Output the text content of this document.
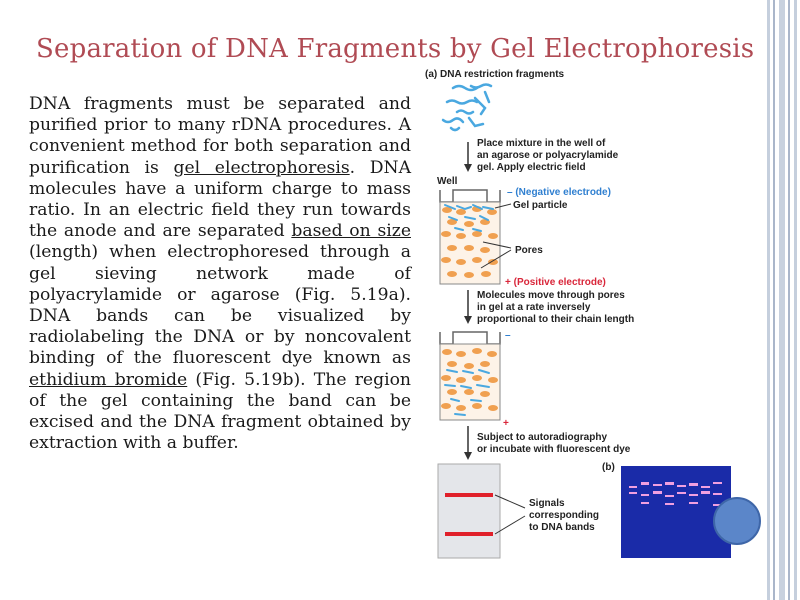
Separation of DNA Fragments by Gel Electrophoresis
DNA fragments must be separated and purified prior to many rDNA procedures. A convenient method for both separation and purification is gel electrophoresis. DNA molecules have a uniform charge to mass ratio. In an electric field they run towards the anode and are separated based on size (length) when electrophoresed through a gel sieving network made of polyacrylamide or agarose (Fig. 5.19a). DNA bands can be visualized by radiolabeling the DNA or by noncovalent binding of the fluorescent dye known as ethidium bromide (Fig. 5.19b). The region of the gel containing the band can be excised and the DNA fragment obtained by extraction with a buffer.
(a) DNA restriction fragments
Place mixture in the well of
an agarose or polyacrylamide
gel. Apply electric field
Well
– (Negative electrode)
Gel particle
Pores
+ (Positive electrode)
Molecules move through pores
in gel at a rate inversely
proportional to their chain length
–
+
Subject to autoradiography
or incubate with fluorescent dye
Signals
corresponding
to DNA bands
(b)
